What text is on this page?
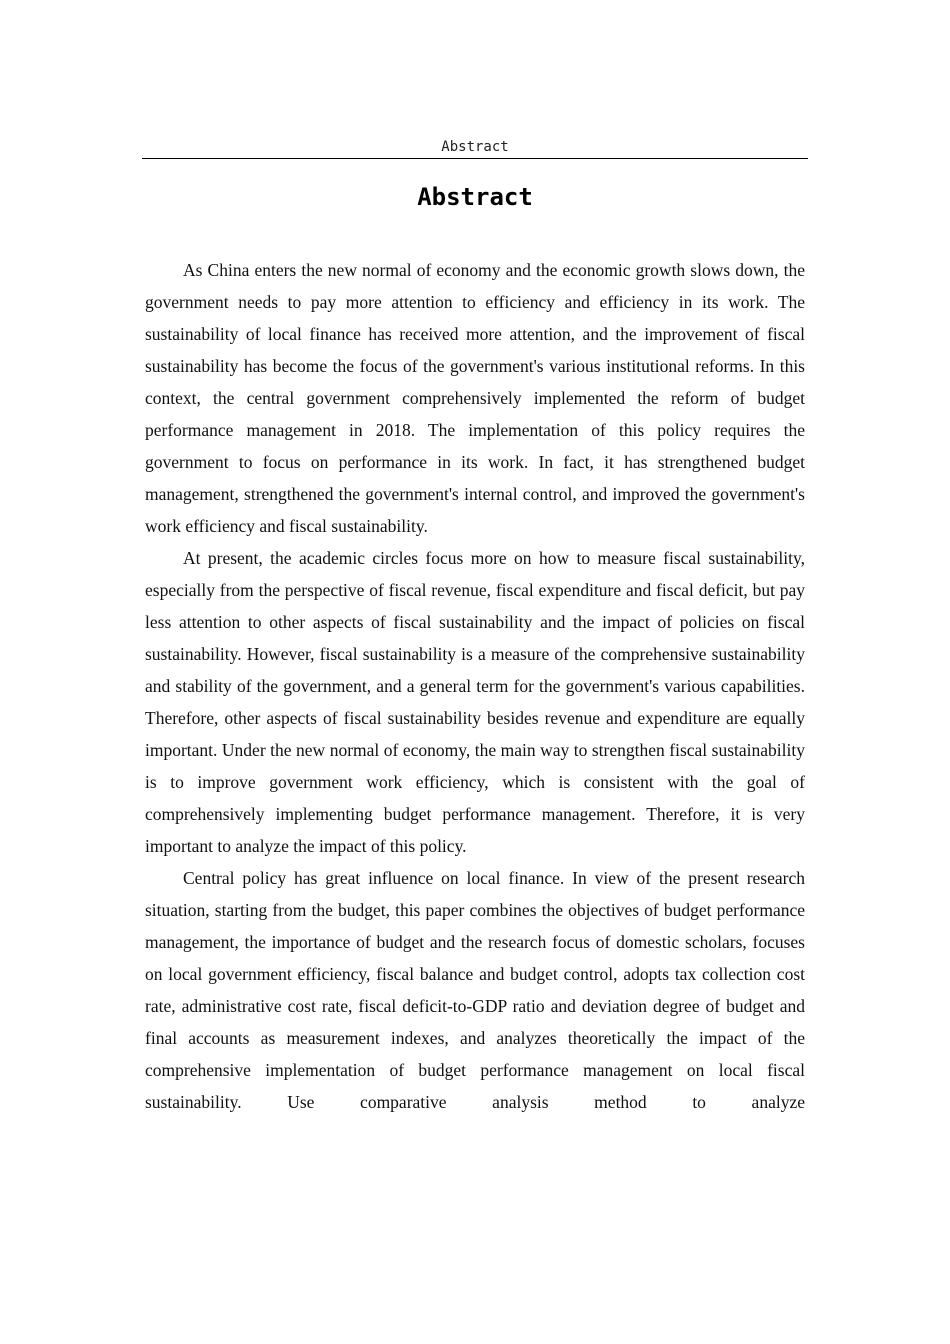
Abstract
Abstract

As China enters the new normal of economy and the economic growth slows down, the government needs to pay more attention to efficiency and efficiency in its work. The sustainability of local finance has received more attention, and the improvement of fiscal sustainability has become the focus of the government's various institutional reforms. In this context, the central government comprehensively implemented the reform of budget performance management in 2018. The implementation of this policy requires the government to focus on performance in its work. In fact, it has strengthened budget management, strengthened the government's internal control, and improved the government's work efficiency and fiscal sustainability.

At present, the academic circles focus more on how to measure fiscal sustainability, especially from the perspective of fiscal revenue, fiscal expenditure and fiscal deficit, but pay less attention to other aspects of fiscal sustainability and the impact of policies on fiscal sustainability. However, fiscal sustainability is a measure of the comprehensive sustainability and stability of the government, and a general term for the government's various capabilities. Therefore, other aspects of fiscal sustainability besides revenue and expenditure are equally important. Under the new normal of economy, the main way to strengthen fiscal sustainability is to improve government work efficiency, which is consistent with the goal of comprehensively implementing budget performance management. Therefore, it is very important to analyze the impact of this policy.

Central policy has great influence on local finance. In view of the present research situation, starting from the budget, this paper combines the objectives of budget performance management, the importance of budget and the research focus of domestic scholars, focuses on local government efficiency, fiscal balance and budget control, adopts tax collection cost rate, administrative cost rate, fiscal deficit-to-GDP ratio and deviation degree of budget and final accounts as measurement indexes, and analyzes theoretically the impact of the comprehensive implementation of budget performance management on local fiscal sustainability. Use comparative analysis method to analyze
